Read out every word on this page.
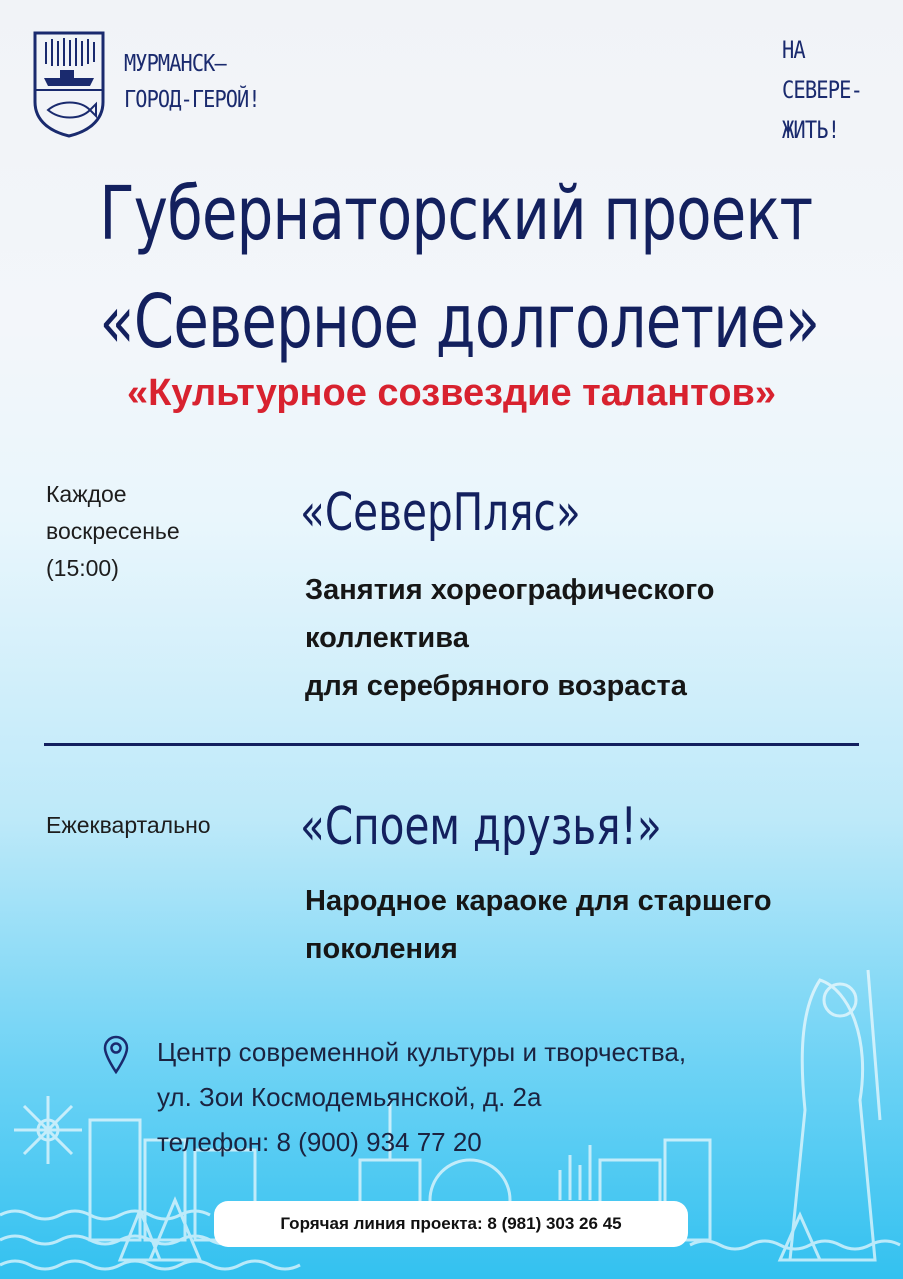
МУРМАНСК–
ГОРОД-ГЕРОЙ!
НА
СЕВЕРЕ-
ЖИТЬ!
Губернаторский проект
«Северное долголетие»
«Культурное созвездие талантов»
Каждое
воскресенье
(15:00)
«СеверПляс»
Занятия хореографического
коллектива
для серебряного возраста
Ежеквартально «Споем друзья!»
Народное караоке для старшего
поколения
Центр современной культуры и творчества,
ул. Зои Космодемьянской, д. 2а
телефон: 8 (900) 934 77 20
Горячая линия проекта: 8 (981) 303 26 45
